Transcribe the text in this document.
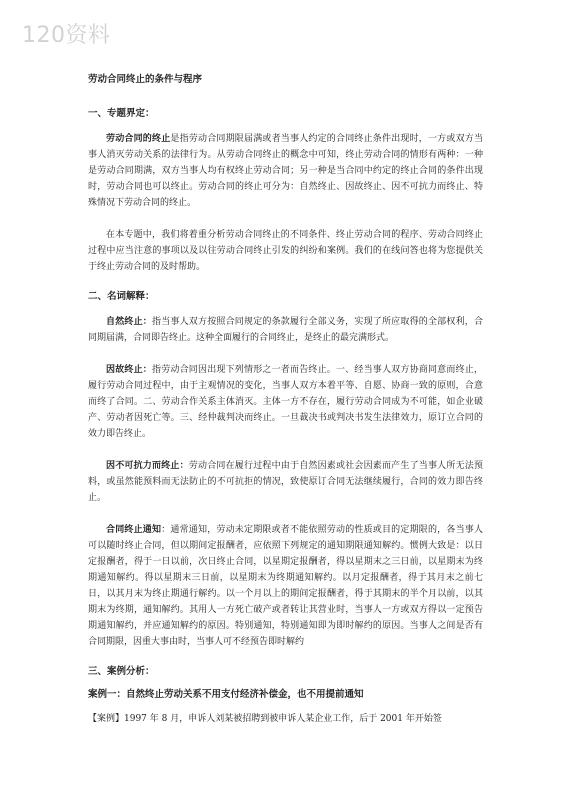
120资料
劳动合同终止的条件与程序
一、专题界定：

劳动合同的终止是指劳动合同期限届满或者当事人约定的合同终止条件出现时，一方或双方当事人消灭劳动关系的法律行为。从劳动合同终止的概念中可知，终止劳动合同的情形有两种：一种是劳动合同期满，双方当事人均有权终止劳动合同；另一种是当合同中约定的终止合同的条件出现时，劳动合同也可以终止。劳动合同的终止可分为：自然终止、因故终止、因不可抗力而终止、特殊情况下劳动合同的终止。

在本专题中，我们将着重分析劳动合同终止的不同条件、终止劳动合同的程序、劳动合同终止过程中应当注意的事项以及以往劳动合同终止引发的纠纷和案例。我们的在线问答也将为您提供关于终止劳动合同的及时帮助。

二、名词解释：

自然终止：指当事人双方按照合同规定的条款履行全部义务，实现了所应取得的全部权利，合同期届满，合同即告终止。这种全面履行的合同终止，是终止的最完满形式。

因故终止：指劳动合同因出现下列情形之一者而告终止。一、经当事人双方协商同意而终止，履行劳动合同过程中，由于主观情况的变化，当事人双方本着平等、自愿、协商一致的原则，合意而终了合同。二、劳动合作关系主体消灭。主体一方不存在，履行劳动合同成为不可能，如企业破产、劳动者因死亡等。三、经仲裁判决而终止。一旦裁决书或判决书发生法律效力，原订立合同的效力即告终止。

因不可抗力而终止：劳动合同在履行过程中由于自然因素或社会因素而产生了当事人所无法预料，或虽然能预料而无法防止的不可抗拒的情况，致使原订合同无法继续履行，合同的效力即告终止。

合同终止通知：通常通知，劳动未定期限或者不能依照劳动的性质或目的定期限的，各当事人可以随时终止合同，但以期间定报酬者，应依照下列规定的通知期限通知解约。惯例大致是：以日定报酬者，得于一日以前，次日终止合同，以星期定报酬者，得以星期末之三日前，以星期末为终期通知解约。得以星期末三日前，以星期末为终期通知解约。以月定报酬者，得于其月末之前七日，以其月末为终止期通行解约。以一个月以上的期间定报酬者，得于其期末的半个月以前，以其期末为终期，通知解约。其用人一方死亡破产或者转让其营业时，当事人一方或双方得以一定预告期通知解约，并应通知解约的原因。特别通知，特别通知即为即时解约的原因。当事人之间是否有合同期限，因重大事由时，当事人可不经预告即时解约

三、案例分析：
案例一：自然终止劳动关系不用支付经济补偿金，也不用提前通知

【案例】1997 年 8 月，申诉人刘某被招聘到被申诉人某企业工作，后于 2001 年开始签
